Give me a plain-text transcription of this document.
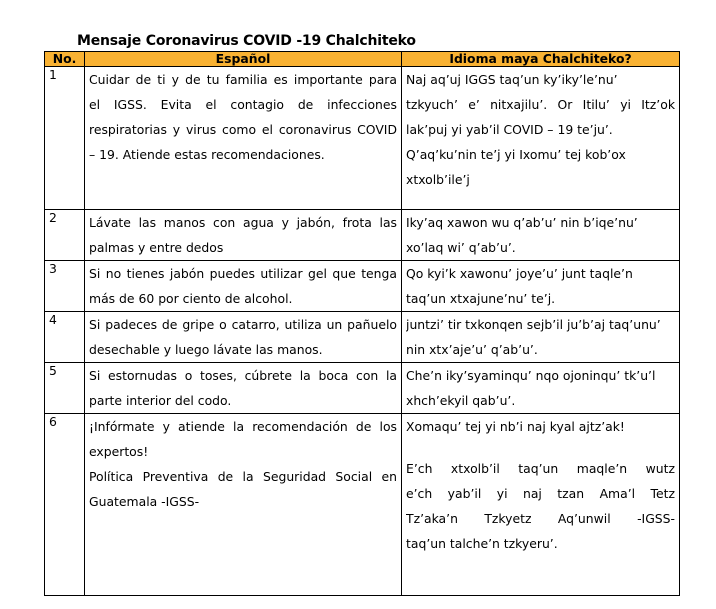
Mensaje Coronavirus COVID -19 Chalchiteko
No.	Español	Idioma maya Chalchiteko?
1	Cuidar de ti y de tu familia es importante para
el IGSS. Evita el contagio de infecciones
respiratorias y virus como el coronavirus COVID
– 19. Atiende estas recomendaciones.	Naj aq’uj IGGS taq’un ky’iky’le’nu’
tzkyuch’ e’ nitxajilu’. Or Itilu’ yi Itz’ok
lak’puj yi yab’il COVID – 19 te’ju’.
Q’aq’ku’nin te’j yi Ixomu’ tej kob’ox
xtxolb’ile’j

2	Lávate las manos con agua y jabón, frota las
palmas y entre dedos	Iky’aq xawon wu q’ab’u’ nin b’iqe’nu’
xo’laq wi’ q’ab’u’.

3	Si no tienes jabón puedes utilizar gel que tenga
más de 60 por ciento de alcohol.	Qo kyi’k xawonu’ joye’u’ junt taqle’n
taq’un xtxajune’nu’ te’j.

4	Si padeces de gripe o catarro, utiliza un pañuelo
desechable y luego lávate las manos.	juntzi’ tir txkonqen sejb’il ju’b’aj taq’unu’
nin xtx’aje’u’ q’ab’u’.

5	Si estornudas o toses, cúbrete la boca con la
parte interior del codo.	Che’n iky’syaminqu’ nqo ojoninqu’ tk’u’l
xhch’ekyil qab’u’.

6	¡Infórmate y atiende la recomendación de los
expertos!
Política Preventiva de la Seguridad Social en
Guatemala -IGSS-	Xomaqu’ tej yi nb’i naj kyal ajtz’ak!
E’ch xtxolb’il taq’un maqle’n wutz
e’ch yab’il yi naj tzan Ama’l Tetz
Tz’aka’n Tzkyetz Aq’unwil -IGSS-
taq’un talche’n tzkyeru’.
